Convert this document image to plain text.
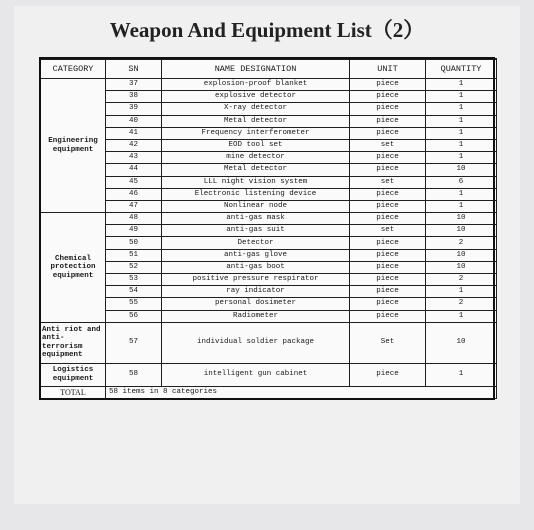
Weapon And Equipment List（2）
CATEGORY	SN	NAME DESIGNATION	UNIT	QUANTITY
Engineering equipment	37	explosion-proof blanket	piece	1
	38	explosive detector	piece	1
	39	X-ray detector	piece	1
	40	Metal detector	piece	1
	41	Frequency interferometer	piece	1
	42	EOD tool set	set	1
	43	mine detector	piece	1
	44	Metal detector	piece	10
	45	LLL night vision system	set	6
	46	Electronic listening device	piece	1
	47	Nonlinear node	piece	1
Chemical protection equipment	48	anti-gas mask	piece	10
	49	anti-gas suit	set	10
	50	Detector	piece	2
	51	anti-gas glove	piece	10
	52	anti-gas boot	piece	10
	53	positive pressure respirator	piece	2
	54	ray indicator	piece	1
	55	personal dosimeter	piece	2
	56	Radiometer	piece	1
Anti riot and anti-terrorism equipment	57	individual soldier package	Set	10
Logistics equipment	58	intelligent gun cabinet	piece	1
TOTAL	58 items in 8 categories			
